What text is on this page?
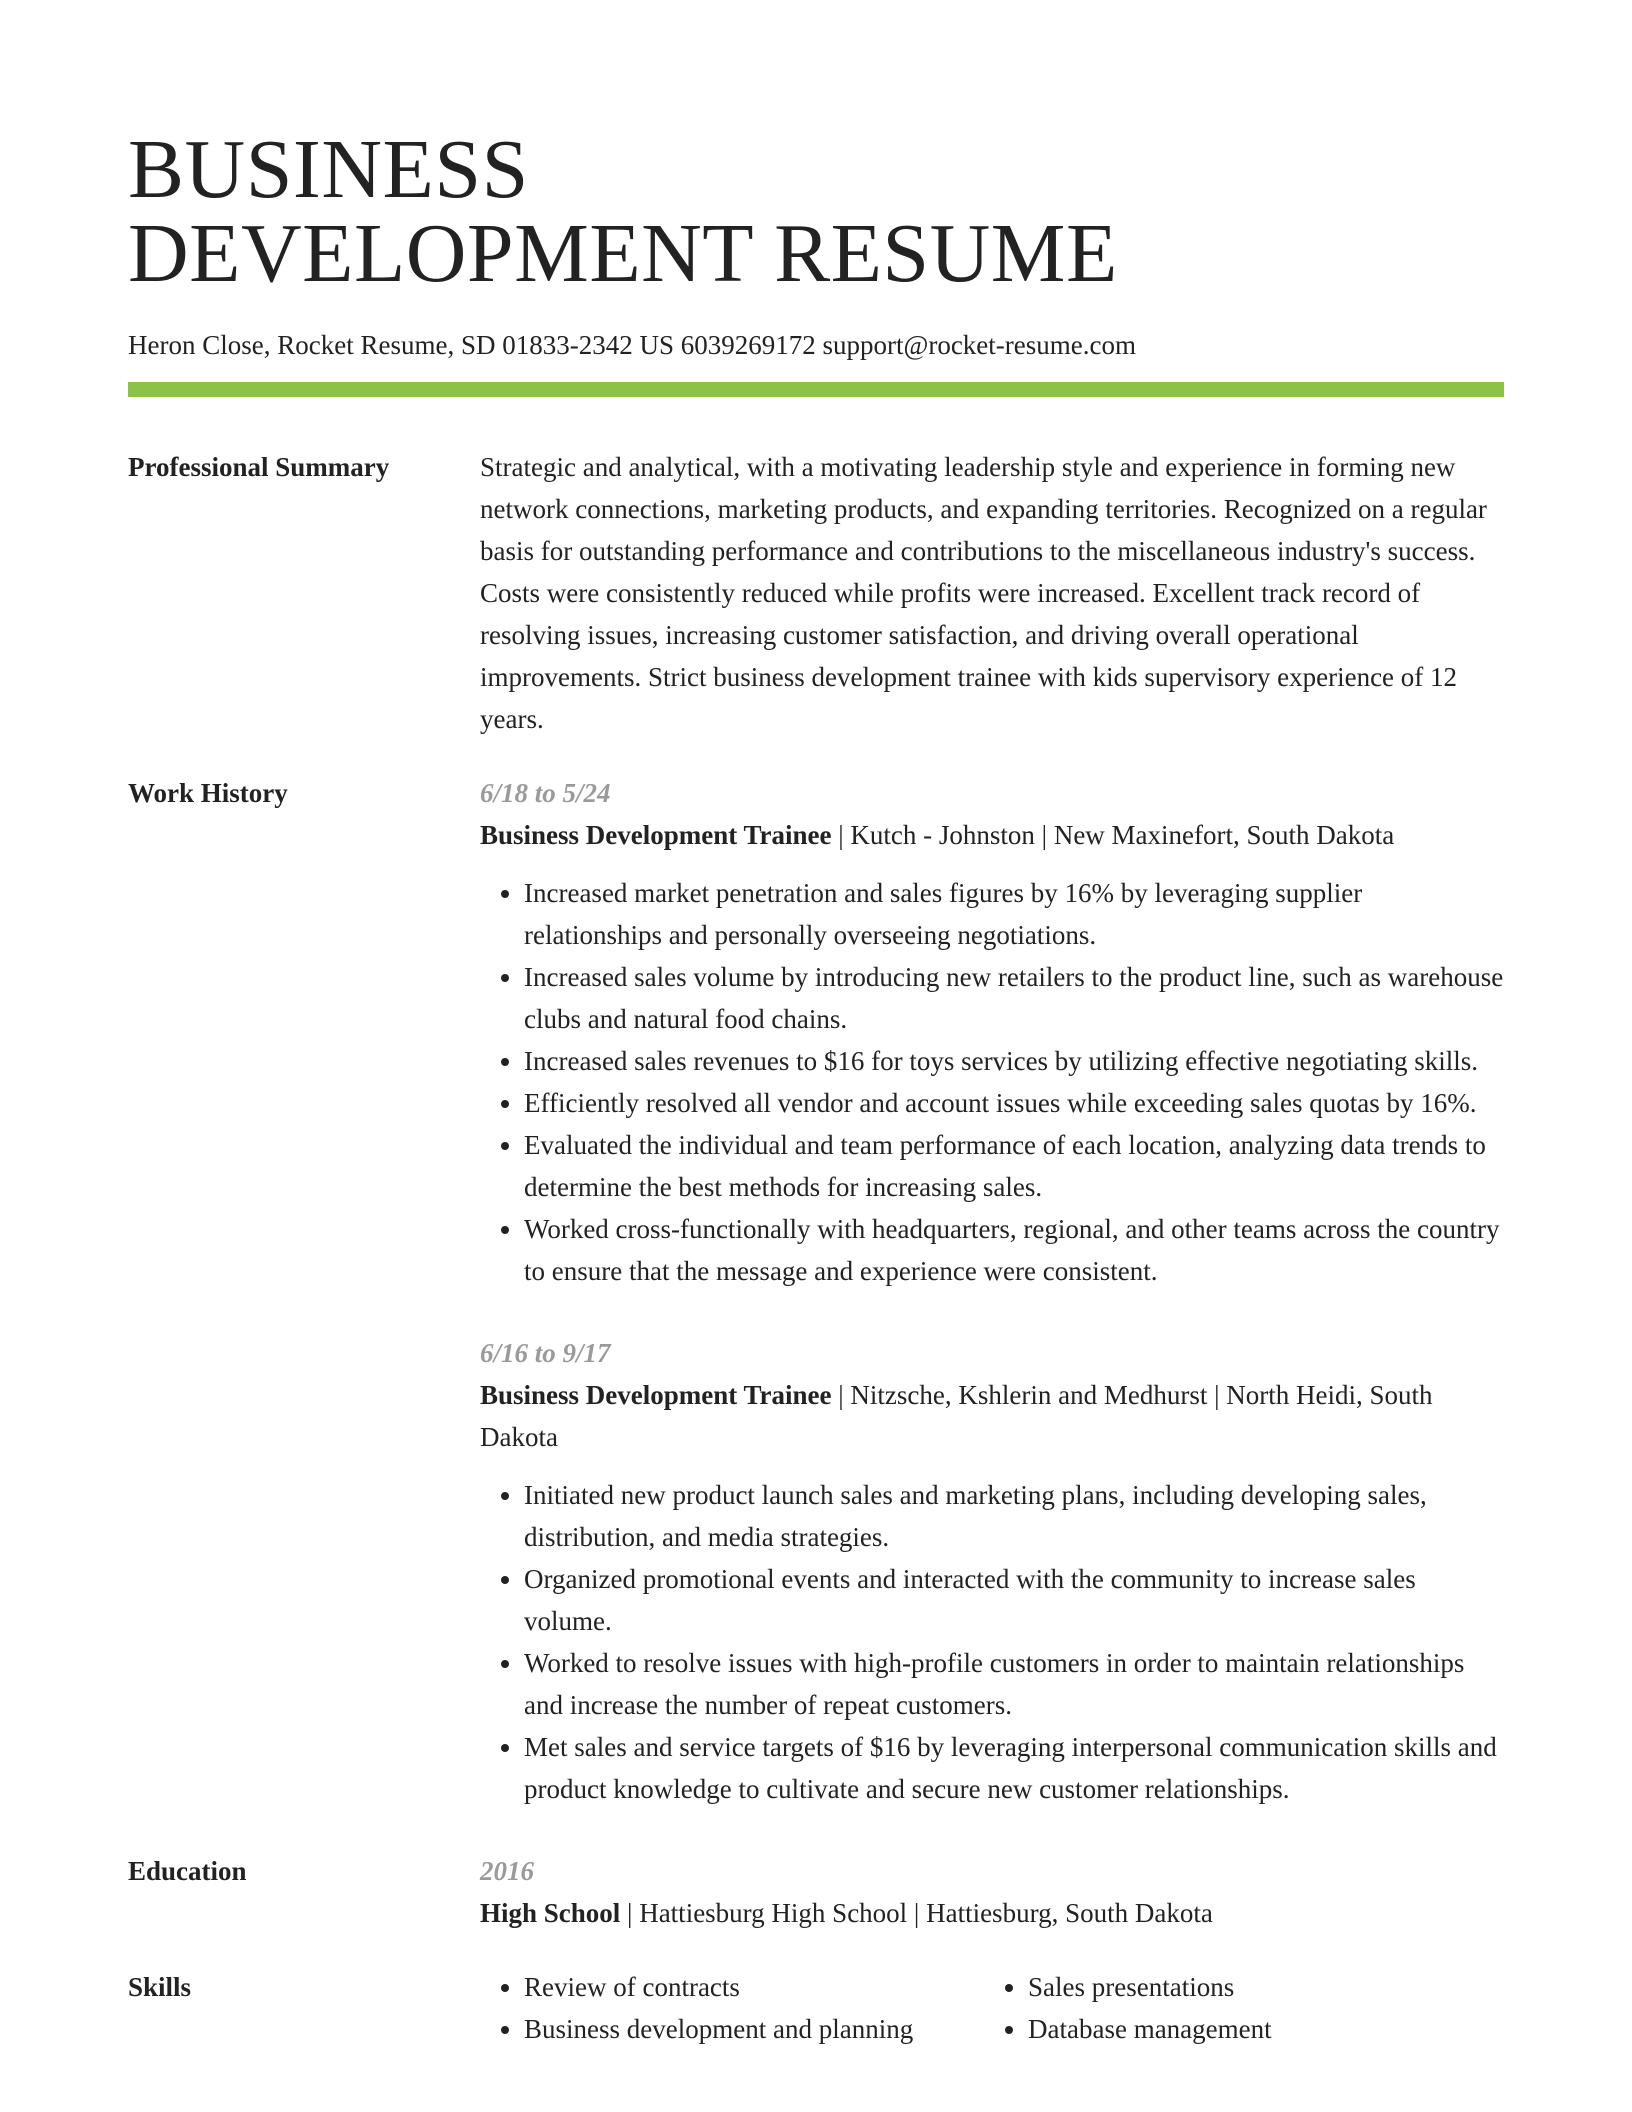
BUSINESS
DEVELOPMENT RESUME
Heron Close, Rocket Resume, SD 01833-2342 US 6039269172 support@rocket-resume.com
Professional Summary	Strategic and analytical, with a motivating leadership style and experience in forming new network connections, marketing products, and expanding territories. Recognized on a regular basis for outstanding performance and contributions to the miscellaneous industry's success. Costs were consistently reduced while profits were increased. Excellent track record of resolving issues, increasing customer satisfaction, and driving overall operational improvements. Strict business development trainee with kids supervisory experience of 12 years.
Work History	6/18 to 5/24
Business Development Trainee | Kutch - Johnston | New Maxinefort, South Dakota
• Increased market penetration and sales figures by 16% by leveraging supplier relationships and personally overseeing negotiations.
• Increased sales volume by introducing new retailers to the product line, such as warehouse clubs and natural food chains.
• Increased sales revenues to $16 for toys services by utilizing effective negotiating skills.
• Efficiently resolved all vendor and account issues while exceeding sales quotas by 16%.
• Evaluated the individual and team performance of each location, analyzing data trends to determine the best methods for increasing sales.
• Worked cross-functionally with headquarters, regional, and other teams across the country to ensure that the message and experience were consistent.
6/16 to 9/17
Business Development Trainee | Nitzsche, Kshlerin and Medhurst | North Heidi, South Dakota
• Initiated new product launch sales and marketing plans, including developing sales, distribution, and media strategies.
• Organized promotional events and interacted with the community to increase sales volume.
• Worked to resolve issues with high-profile customers in order to maintain relationships and increase the number of repeat customers.
• Met sales and service targets of $16 by leveraging interpersonal communication skills and product knowledge to cultivate and secure new customer relationships.
Education	2016
High School | Hattiesburg High School | Hattiesburg, South Dakota
Skills
•	Review of contracts
• Business development and planning
• Sales presentations
• Database management
